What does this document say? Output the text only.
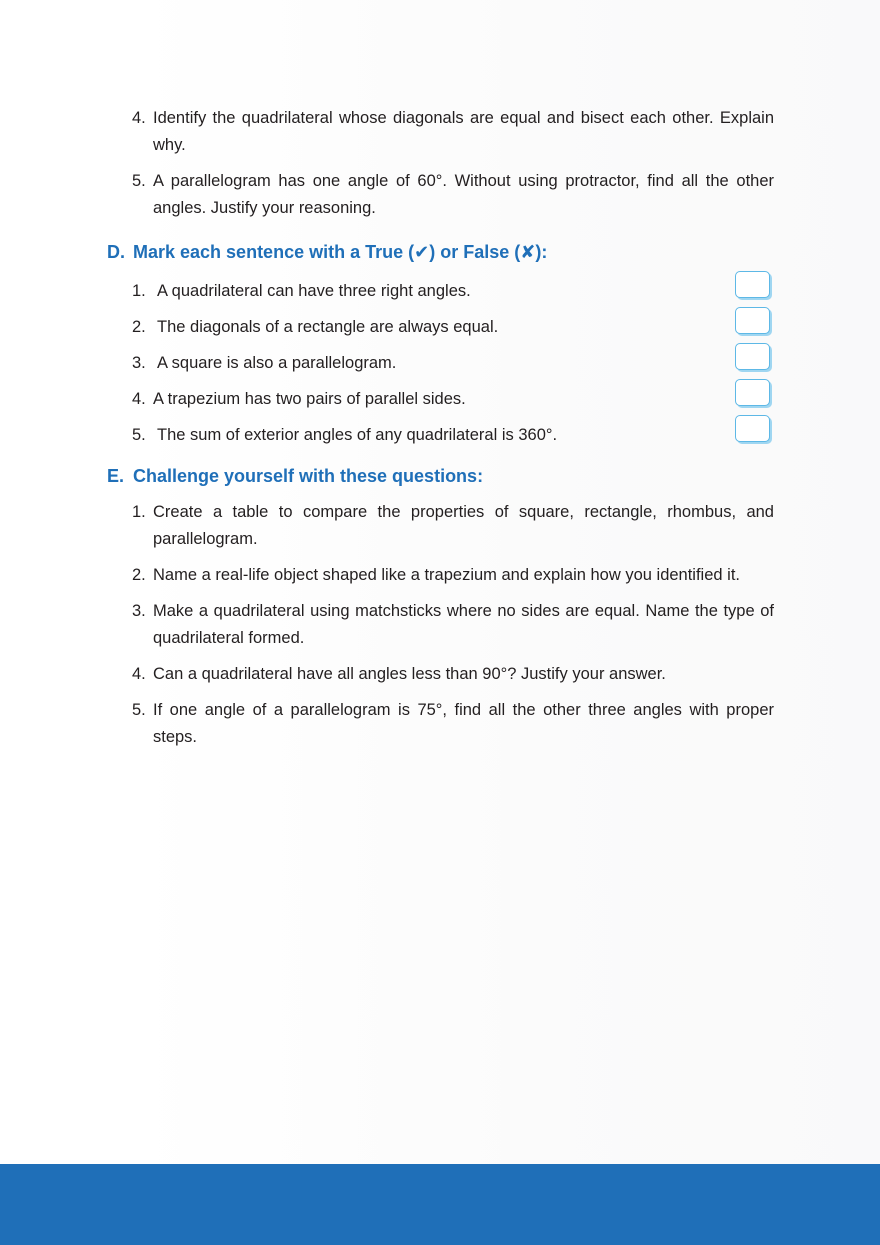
4. Identify the quadrilateral whose diagonals are equal and bisect each other. Explain why.
5. A parallelogram has one angle of 60°. Without using protractor, find all the other angles. Justify your reasoning.
D. Mark each sentence with a True (✔) or False (✘):
1. A quadrilateral can have three right angles.
2. The diagonals of a rectangle are always equal.
3. A square is also a parallelogram.
4. A trapezium has two pairs of parallel sides.
5. The sum of exterior angles of any quadrilateral is 360°.
E. Challenge yourself with these questions:
1. Create a table to compare the properties of square, rectangle, rhombus, and parallelogram.
2. Name a real-life object shaped like a trapezium and explain how you identified it.
3. Make a quadrilateral using matchsticks where no sides are equal. Name the type of quadrilateral formed.
4. Can a quadrilateral have all angles less than 90°? Justify your answer.
5. If one angle of a parallelogram is 75°, find all the other three angles with proper steps.
